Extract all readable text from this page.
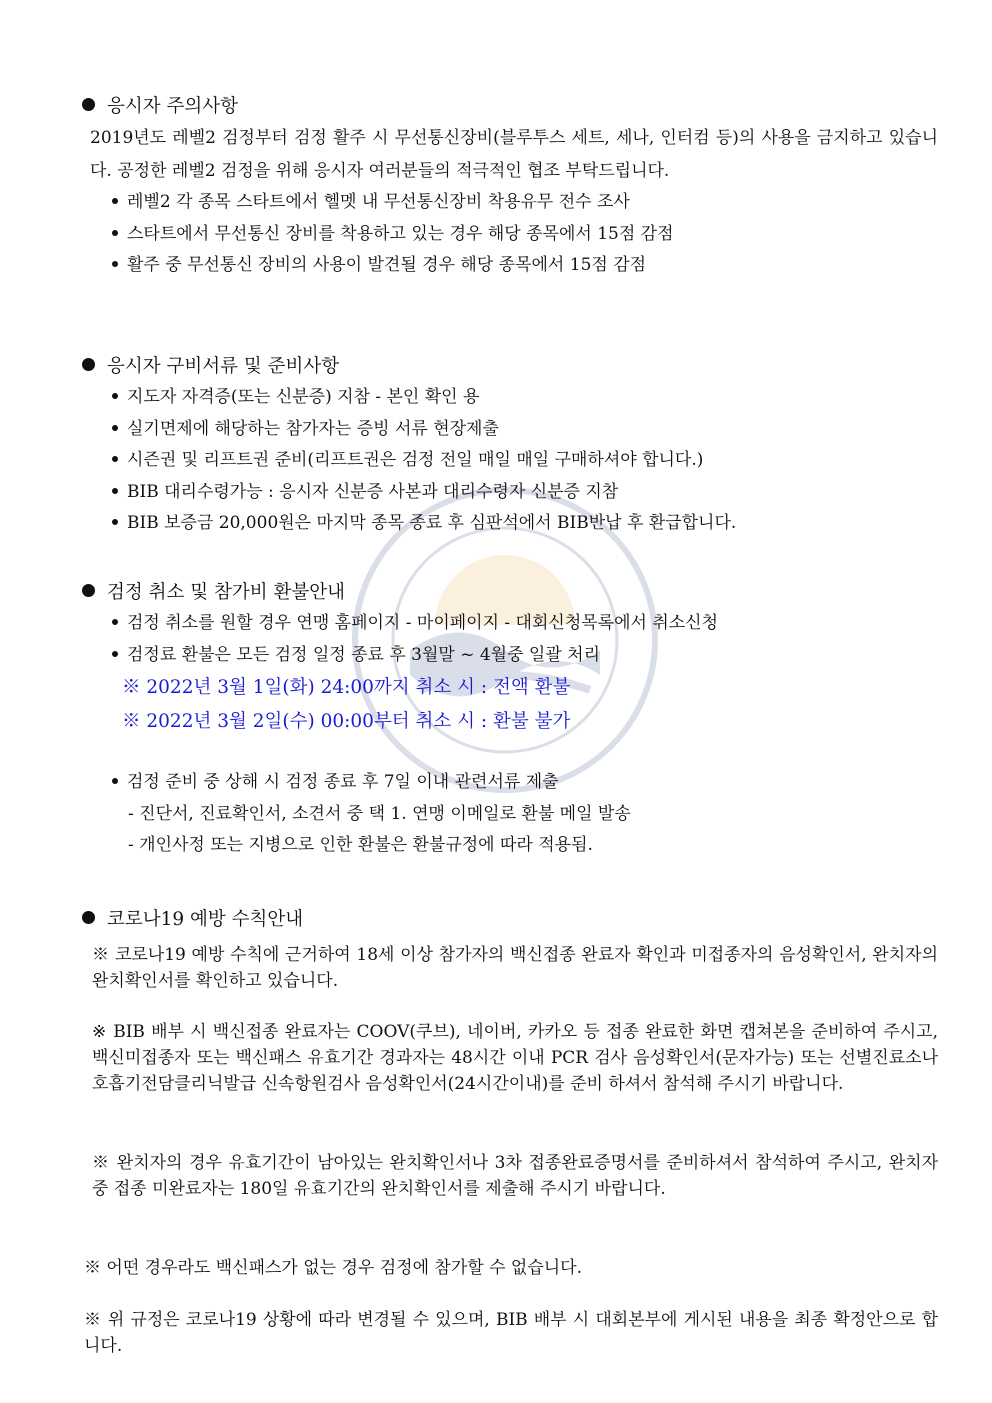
응시자 주의사항
2019년도 레벨2 검정부터 검정 활주 시 무선통신장비(블루투스 세트, 세나, 인터컴 등)의 사용을 금지하고 있습니다. 공정한 레벨2 검정을 위해 응시자 여러분들의 적극적인 협조 부탁드립니다.
레벨2 각 종목 스타트에서 헬멧 내 무선통신장비 착용유무 전수 조사
스타트에서 무선통신 장비를 착용하고 있는 경우 해당 종목에서 15점 감점
활주 중 무선통신 장비의 사용이 발견될 경우 해당 종목에서 15점 감점
응시자 구비서류 및 준비사항
지도자 자격증(또는 신분증) 지참 - 본인 확인 용
실기면제에 해당하는 참가자는 증빙 서류 현장제출
시즌권 및 리프트권 준비(리프트권은 검정 전일 매일 매일 구매하셔야 합니다.)
BIB 대리수령가능 : 응시자 신분증 사본과 대리수령자 신분증 지참
BIB 보증금 20,000원은 마지막 종목 종료 후 심판석에서 BIB반납 후 환급합니다.
검정 취소 및 참가비 환불안내
검정 취소를 원할 경우 연맹 홈페이지 - 마이페이지 - 대회신청목록에서 취소신청
검정료 환불은 모든 검정 일정 종료 후 3월말 ~ 4월중 일괄 처리
※ 2022년 3월 1일(화) 24:00까지 취소 시 : 전액 환불
※ 2022년 3월 2일(수) 00:00부터 취소 시 : 환불 불가
검정 준비 중 상해 시 검정 종료 후 7일 이내 관련서류 제출
- 진단서, 진료확인서, 소견서 중 택 1. 연맹 이메일로 환불 메일 발송
- 개인사정 또는 지병으로 인한 환불은 환불규정에 따라 적용됨.
코로나19 예방 수칙안내
※ 코로나19 예방 수칙에 근거하여 18세 이상 참가자의 백신접종 완료자 확인과 미접종자의 음성확인서, 완치자의 완치확인서를 확인하고 있습니다.
※ BIB 배부 시 백신접종 완료자는 COOV(쿠브), 네이버, 카카오 등 접종 완료한 화면 캡쳐본을 준비하여 주시고, 백신미접종자 또는 백신패스 유효기간 경과자는 48시간 이내 PCR 검사 음성확인서(문자가능) 또는 선별진료소나 호흡기전담클리닉발급 신속항원검사 음성확인서(24시간이내)를 준비 하셔서 참석해 주시기 바랍니다.
※ 완치자의 경우 유효기간이 남아있는 완치확인서나 3차 접종완료증명서를 준비하셔서 참석하여 주시고, 완치자 중 접종 미완료자는 180일 유효기간의 완치확인서를 제출해 주시기 바랍니다.
※ 어떤 경우라도 백신패스가 없는 경우 검정에 참가할 수 없습니다.
※ 위 규정은 코로나19 상황에 따라 변경될 수 있으며, BIB 배부 시 대회본부에 게시된 내용을 최종 확정안으로 합니다.
